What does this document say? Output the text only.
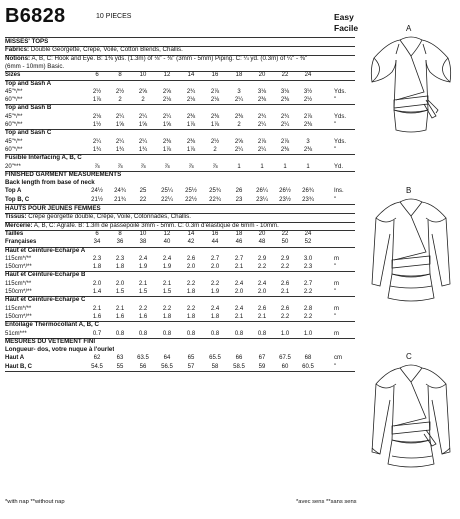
B6828	10 PIECES	Easy
Facile
MISSES' TOPS
Fabrics: Double Georgette, Crepe, Voile, Cotton Blends, Challis.
Notions: A, B, C: Hook and Eye. B: 1⅜ yds. (1.3m) of ⅛" - ⅜" (3mm - 5mm) Piping. C: ¼ yd. (0.3m) of ¼" - ⅜"
(6mm - 10mm) Basic.
Sizes	6	8	10	12	14	16	18	20	22	24
Top and Sash A
45"*/**	2½	2½	2⅝	2⅝	2¾	2⅞	3	3⅛	3⅛	3½	Yds.
60"*/**	1⅞	2	2	2⅛	2⅛	2⅛	2¼	2⅜	2⅜	2½	"
Top and Sash B
45"*/**	2⅛	2¼	2¼	2¼	2⅜	2⅜	2⅜	2¾	2¾	2⅞	Yds.
60"*/**	1½	1⅝	1⅝	1⅝	1⅞	1⅞	2	2¼	2¼	2⅜	"
Top and Sash C
45"*/**	2¼	2¼	2¼	2⅜	2⅜	2½	2⅝	2⅞	2⅞	3	Yds.
60"*/**	1¾	1¾	1¾	1⅞	1⅞	2	2¼	2¼	2⅜	2⅜	"
Fusible Interfacing A, B, C
20"***	⅞	⅞	⅞	⅞	⅞	⅞	1	1	1	1	Yd.
FINISHED GARMENT MEASUREMENTS
Back length from base of neck
Top A	24½	24¾	25	25¼	25½	25¾	26	26¼	26½	26¾	Ins.
Top B, C	21½	21¾	22	22¼	22½	22¾	23	23¼	23½	23¾	"
HAUTS POUR JEUNES FEMMES
Tissus: Crêpe georgette double, Crêpe, Voile, Cotonnades, Challis.
Mercerie: A, B, C: Agrafe. B: 1.3m de passepoilé 3mm - 5mm. C: 0.3m d'élastique de 6mm - 10mm.
Tailles	6	8	10	12	14	16	18	20	22	24
Françaises	34	36	38	40	42	44	46	48	50	52
Haut et Ceinture-Écharpe A
115cm*/**	2.3	2.3	2.4	2.4	2.6	2.7	2.7	2.9	2.9	3.0	m
150cm*/**	1.8	1.8	1.9	1.9	2.0	2.0	2.1	2.2	2.2	2.3	"
Haut et Ceinture-Écharpe B
115cm*/**	2.0	2.0	2.1	2.1	2.2	2.2	2.4	2.4	2.6	2.7	m
150cm*/**	1.4	1.5	1.5	1.5	1.8	1.9	2.0	2.0	2.1	2.2	"
Haut et Ceinture-Écharpe C
115cm*/**	2.1	2.1	2.2	2.2	2.2	2.4	2.4	2.6	2.6	2.8	m
150cm*/**	1.6	1.6	1.6	1.8	1.8	1.8	2.1	2.1	2.2	2.2	"
Entoilage Thermocollant A, B, C
51cm***	0.7	0.8	0.8	0.8	0.8	0.8	0.8	0.8	1.0	1.0	m
MESURES DU VÊTEMENT FINI
Longueur- dos, votre nuque à l'ourlet
Haut A	62	63	63.5	64	65	65.5	66	67	67.5	68	cm
Haut B, C	54.5	55	56	56.5	57	58	58.5	59	60	60.5	"
*with nap **without nap	*avec sens **sans sens
A
B
C
